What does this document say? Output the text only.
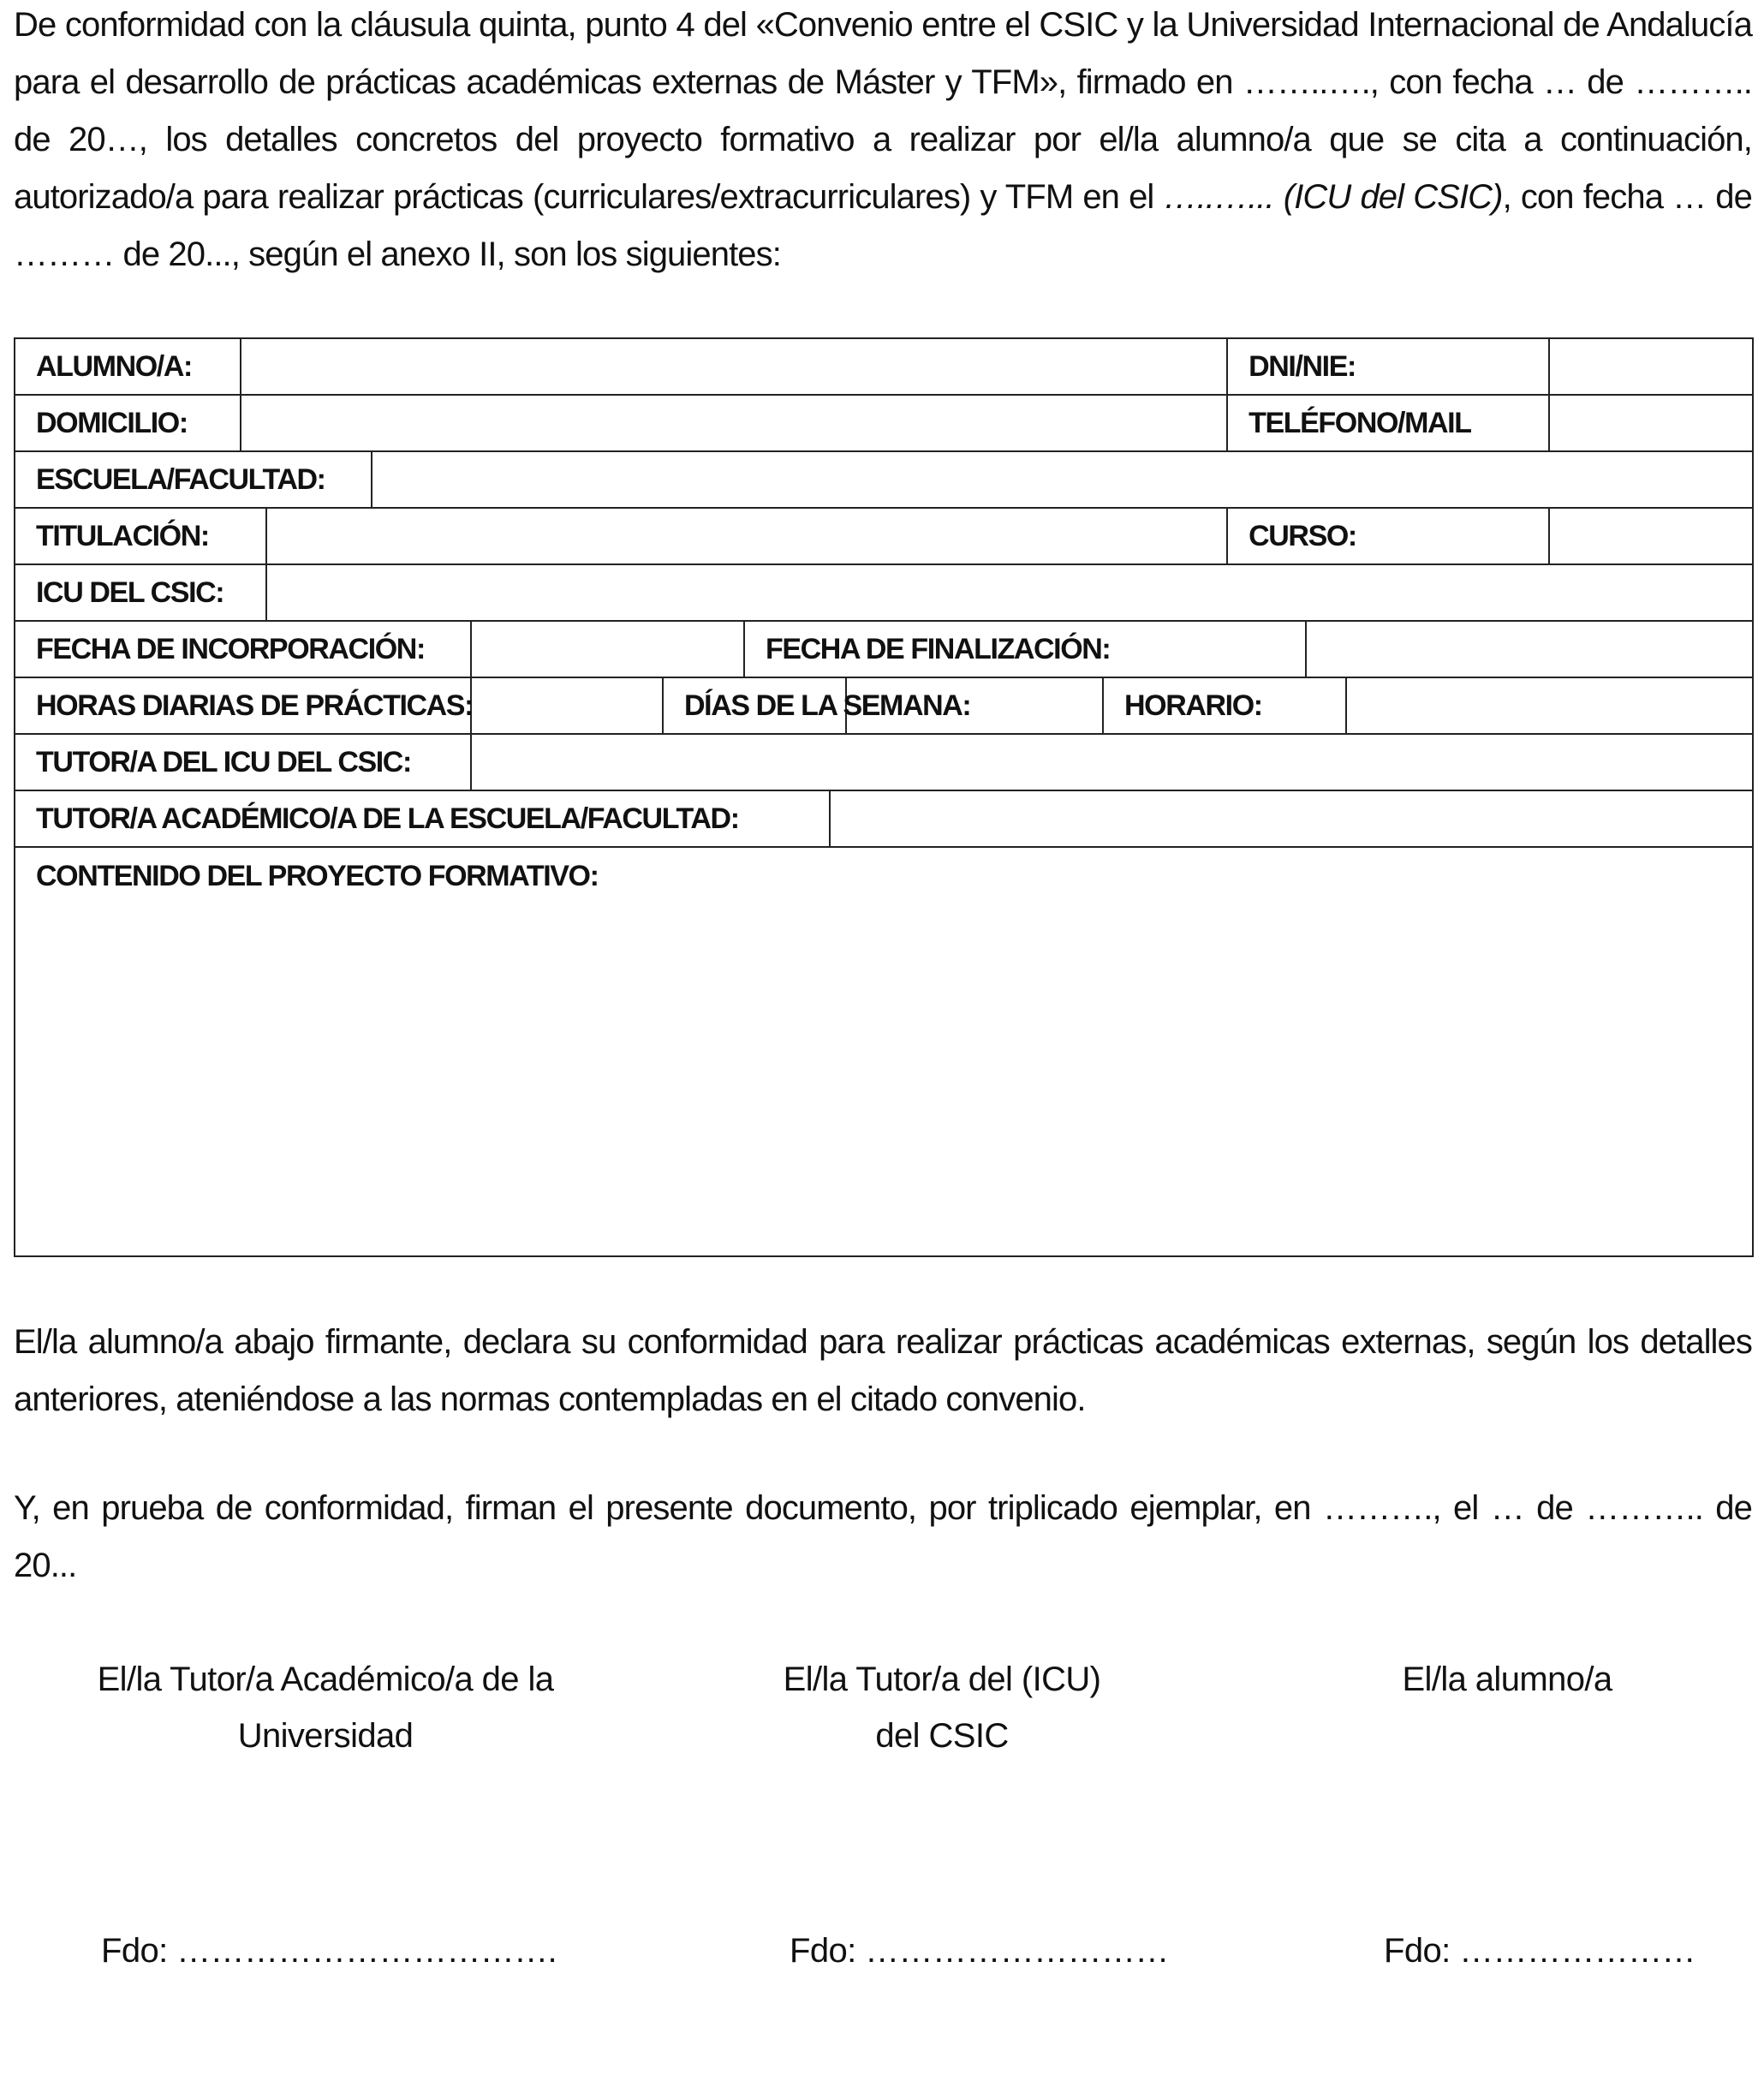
De conformidad con la cláusula quinta, punto 4 del «Convenio entre el CSIC y la Universidad Internacional de Andalucía para el desarrollo de prácticas académicas externas de Máster y TFM», firmado en ……..…., con fecha … de ……….. de 20…, los detalles concretos del proyecto formativo a realizar por el/la alumno/a que se cita a continuación, autorizado/a para realizar prácticas (curriculares/extracurriculares) y TFM en el …..…... (ICU del CSIC), con fecha … de ……… de 20..., según el anexo II, son los siguientes:

ALUMNO/A:										DNI/NIE:			
DOMICILIO:										TELÉFONO/MAIL			
ESCUELA/FACULTAD:													
TITULACIÓN:										CURSO:			
ICU DEL CSIC:													
FECHA DE INCORPORACIÓN:						FECHA DE FINALIZACIÓN:							
HORAS DIARIAS DE PRÁCTICAS:					DÍAS DE LA SEMANA:				HORARIO:				
TUTOR/A DEL ICU DEL CSIC:													
TUTOR/A ACADÉMICO/A DE LA ESCUELA/FACULTAD:													
CONTENIDO DEL PROYECTO FORMATIVO:													

El/la alumno/a abajo firmante, declara su conformidad para realizar prácticas académicas externas, según los detalles anteriores, ateniéndose a las normas contempladas en el citado convenio.

Y, en prueba de conformidad, firman el presente documento, por triplicado ejemplar, en ………., el … de ……….. de 20...

El/la Tutor/a Académico/a de la
Universidad
El/la Tutor/a del (ICU)
del CSIC
El/la alumno/a
Fdo: …………………………….	Fdo: ………………………	Fdo: …………………
